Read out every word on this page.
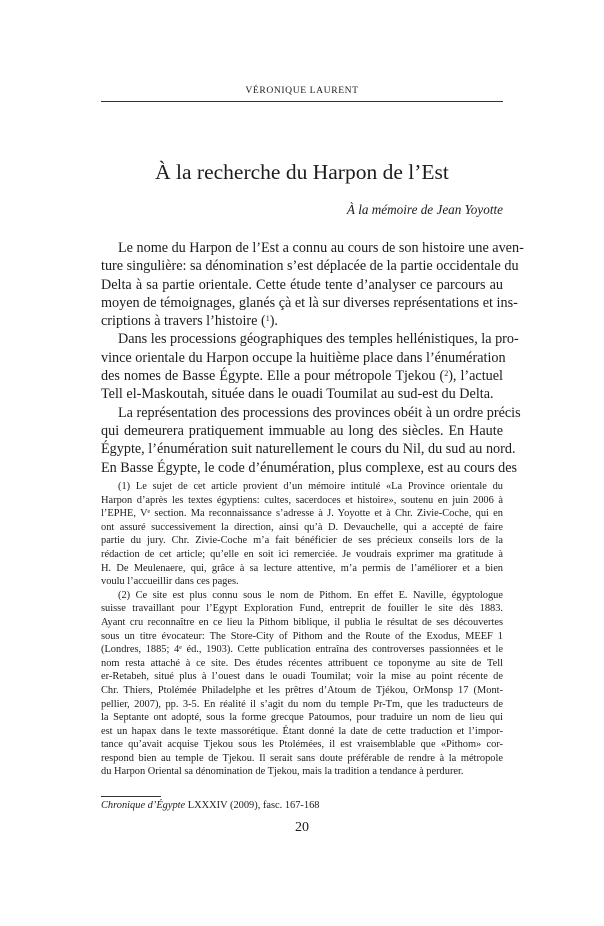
VÉRONIQUE LAURENT
À la recherche du Harpon de l’Est
À la mémoire de Jean Yoyotte
Le nome du Harpon de l’Est a connu au cours de son histoire une aven-
ture singulière: sa dénomination s’est déplacée de la partie occidentale du
Delta à sa partie orientale. Cette étude tente d’analyser ce parcours au
moyen de témoignages, glanés çà et là sur diverses représentations et ins-
criptions à travers l’histoire ($^1$).
Dans les processions géographiques des temples hellénistiques, la pro-
vince orientale du Harpon occupe la huitième place dans l’énumération
des nomes de Basse Égypte. Elle a pour métropole Tjekou ($^2$), l’actuel
Tell el-Maskoutah, située dans le ouadi Toumilat au sud-est du Delta.
La représentation des processions des provinces obéit à un ordre précis
qui demeurera pratiquement immuable au long des siècles. En Haute
Égypte, l’énumération suit naturellement le cours du Nil, du sud au nord.
En Basse Égypte, le code d’énumération, plus complexe, est au cours des
(1) Le sujet de cet article provient d’un mémoire intitulé «La Province orientale du
Harpon d’après les textes égyptiens: cultes, sacerdoces et histoire», soutenu en juin 2006 à
l’EPHE, Vᵉ section. Ma reconnaissance s’adresse à J. Yoyotte et à Chr. Zivie-Coche, qui en
ont assuré successivement la direction, ainsi qu’à D. Devauchelle, qui a accepté de faire
partie du jury. Chr. Zivie-Coche m’a fait bénéficier de ses précieux conseils lors de la
rédaction de cet article; qu’elle en soit ici remerciée. Je voudrais exprimer ma gratitude à
H. De Meulenaere, qui, grâce à sa lecture attentive, m’a permis de l’améliorer et a bien
voulu l’accueillir dans ces pages.
(2) Ce site est plus connu sous le nom de Pithom. En effet E. Naville, égyptologue
suisse travaillant pour l’Egypt Exploration Fund, entreprit de fouiller le site dès 1883.
Ayant cru reconnaître en ce lieu la Pithom biblique, il publia le résultat de ses découvertes
sous un titre évocateur: The Store-City of Pithom and the Route of the Exodus, MEEF 1
(Londres, 1885; 4ᵉ éd., 1903). Cette publication entraîna des controverses passionnées et le
nom resta attaché à ce site. Des études récentes attribuent ce toponyme au site de Tell
er-Retabeh, situé plus à l’ouest dans le ouadi Toumilat; voir la mise au point récente de
Chr. Thiers, Ptolémée Philadelphe et les prêtres d’Atoum de Tjékou, OrMonsp 17 (Mont-
pellier, 2007), pp. 3-5. En réalité il s’agit du nom du temple Pr-Tm, que les traducteurs de
la Septante ont adopté, sous la forme grecque Patoumos, pour traduire un nom de lieu qui
est un hapax dans le texte massorétique. Étant donné la date de cette traduction et l’impor-
tance qu’avait acquise Tjekou sous les Ptolémées, il est vraisemblable que «Pithom» cor-
respond bien au temple de Tjekou. Il serait sans doute préférable de rendre à la métropole
du Harpon Oriental sa dénomination de Tjekou, mais la tradition a tendance à perdurer.
Chronique d’Égypte LXXXIV (2009), fasc. 167-168
20
